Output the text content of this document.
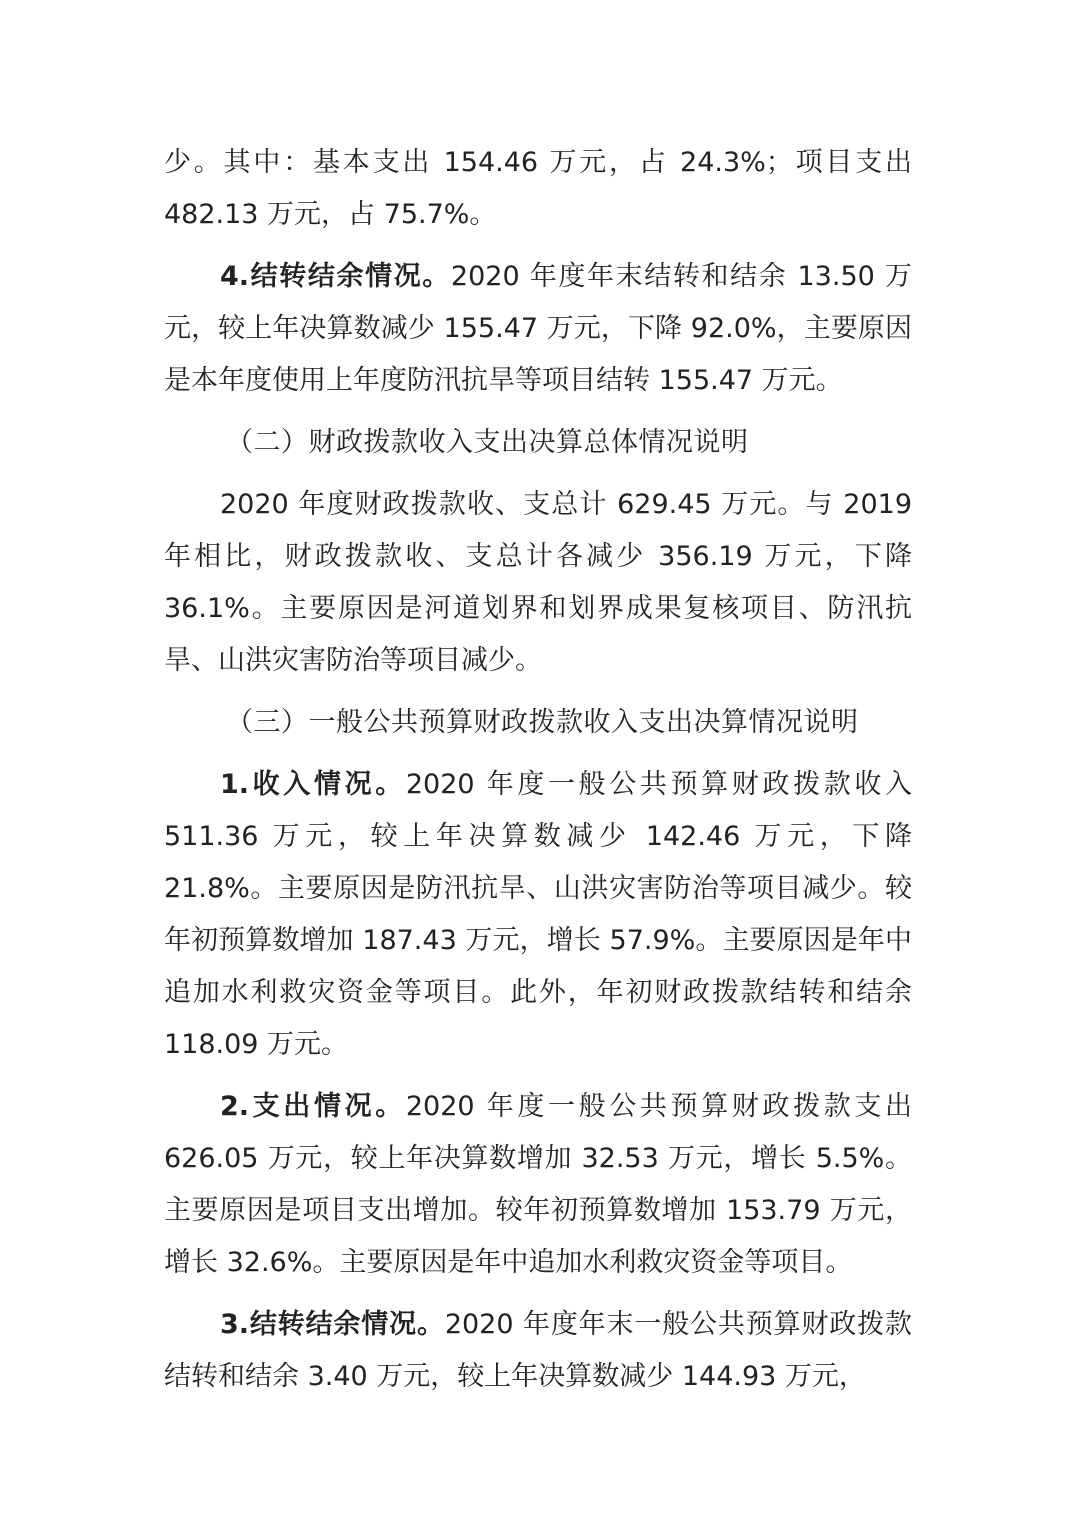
少。其中：基本支出 154.46 万元，占 24.3%；项目支出 482.13 万元，占 75.7%。

4.结转结余情况。2020 年度年末结转和结余 13.50 万元，较上年决算数减少 155.47 万元，下降 92.0%，主要原因是本年度使用上年度防汛抗旱等项目结转 155.47 万元。

（二）财政拨款收入支出决算总体情况说明

2020 年度财政拨款收、支总计 629.45 万元。与 2019 年相比，财政拨款收、支总计各减少 356.19 万元，下降 36.1%。主要原因是河道划界和划界成果复核项目、防汛抗旱、山洪灾害防治等项目减少。

（三）一般公共预算财政拨款收入支出决算情况说明

1.收入情况。2020 年度一般公共预算财政拨款收入 511.36 万元，较上年决算数减少 142.46 万元，下降 21.8%。主要原因是防汛抗旱、山洪灾害防治等项目减少。较年初预算数增加 187.43 万元，增长 57.9%。主要原因是年中追加水利救灾资金等项目。此外，年初财政拨款结转和结余 118.09 万元。

2.支出情况。2020 年度一般公共预算财政拨款支出 626.05 万元，较上年决算数增加 32.53 万元，增长 5.5%。主要原因是项目支出增加。较年初预算数增加 153.79 万元，增长 32.6%。主要原因是年中追加水利救灾资金等项目。

3.结转结余情况。2020 年度年末一般公共预算财政拨款结转和结余 3.40 万元，较上年决算数减少 144.93 万元，
